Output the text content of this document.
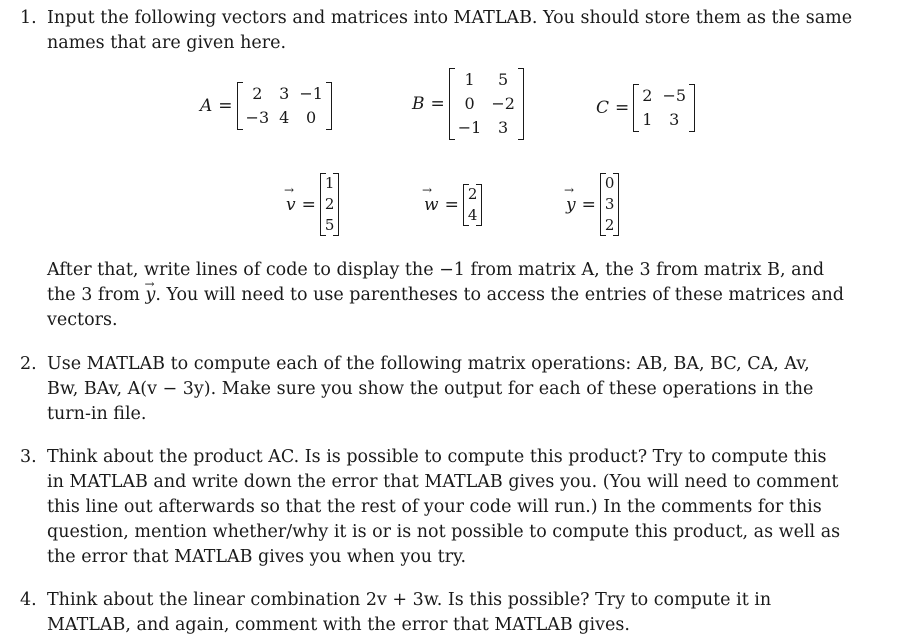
1. Input the following vectors and matrices into MATLAB. You should store them as the same
names that are given here.
A =
2	3	−1
−3	4	0
B =
1	5
0	−2
−1	3
C =
2	−5
1	3
v → =
1
2
5
w → =
2
4
y → =
0
3
2
After that, write lines of code to display the −1 from matrix A, the 3 from matrix B, and
the 3 from y →. You will need to use parentheses to access the entries of these matrices and
vectors.
2. Use MATLAB to compute each of the following matrix operations: AB, BA, BC, CA, Av,
Bw, BAv, A(v − 3y). Make sure you show the output for each of these operations in the
turn-in file.
3. Think about the product AC. Is is possible to compute this product? Try to compute this
in MATLAB and write down the error that MATLAB gives you. (You will need to comment
this line out afterwards so that the rest of your code will run.) In the comments for this
question, mention whether/why it is or is not possible to compute this product, as well as
the error that MATLAB gives you when you try.
4. Think about the linear combination 2v + 3w. Is this possible? Try to compute it in
MATLAB, and again, comment with the error that MATLAB gives.
